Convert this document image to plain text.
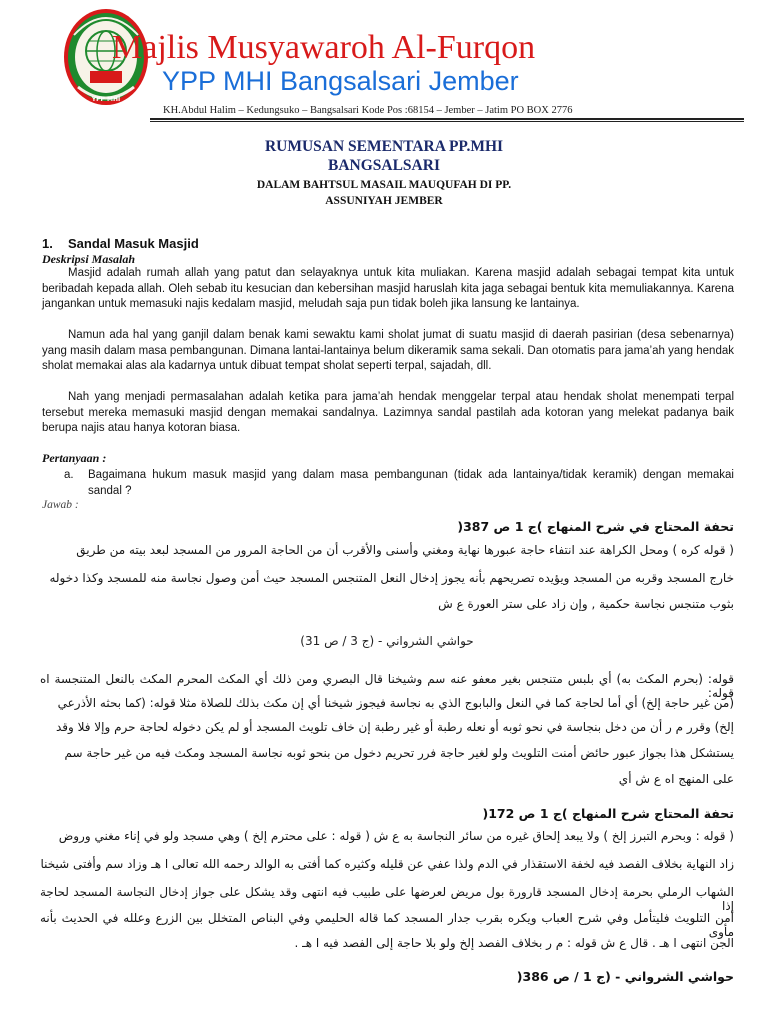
YPP MHI
Majlis Musyawaroh Al-Furqon
YPP MHI Bangsalsari Jember
KH.Abdul Halim – Kedungsuko – Bangsalsari Kode Pos :68154 – Jember – Jatim PO BOX 2776
RUMUSAN SEMENTARA PP.MHI
BANGSALSARI
DALAM BAHTSUL MASAIL MAUQUFAH DI PP.
ASSUNIYAH JEMBER
1. Sandal Masuk Masjid
Deskripsi Masalah

Masjid adalah rumah allah yang patut dan selayaknya untuk kita muliakan. Karena masjid adalah sebagai tempat kita untuk beribadah kepada allah. Oleh sebab itu kesucian dan kebersihan masjid haruslah kita jaga sebagai bentuk kita memuliakannya. Karena jangankan untuk memasuki najis kedalam masjid, meludah saja pun tidak boleh jika lansung ke lantainya.

Namun ada hal yang ganjil dalam benak kami sewaktu kami sholat jumat di suatu masjid di daerah pasirian (desa sebenarnya) yang masih dalam masa pembangunan. Dimana lantai-lantainya belum dikeramik sama sekali. Dan otomatis para jama’ah yang hendak sholat memakai alas ala kadarnya untuk dibuat tempat sholat seperti terpal, sajadah, dll.

Nah yang menjadi permasalahan adalah ketika para jama’ah hendak menggelar terpal atau hendak sholat menempati terpal tersebut mereka memasuki masjid dengan memakai sandalnya. Lazimnya sandal pastilah ada kotoran yang melekat padanya baik berupa najis atau hanya kotoran biasa.

Pertanyaan :
a. Bagaimana hukum masuk masjid yang dalam masa pembangunan (tidak ada lantainya/tidak keramik) dengan memakai sandal ?
Jawab :
تحفة المحتاج في شرح المنهاج )ج 1 ص 387(
( قوله كره ) ومحل الكراهة عند انتفاء حاجة عبورها نهاية ومغني وأسنى والأقرب أن من الحاجة المرور من المسجد لبعد بيته من طريق
خارج المسجد وقربه من المسجد ويؤيده تصريحهم بأنه يجوز إدخال النعل المتنجس المسجد حيث أمن وصول نجاسة منه للمسجد وكذا دخوله
بثوب متنجس نجاسة حكمية , وإن زاد على ستر العورة ع ش
حواشي الشرواني - (ج 3 / ص 31)
قوله: (بحرم المكث به) أي بلبس متنجس بغير معفو عنه سم وشيخنا قال البصري ومن ذلك أي المكث المحرم المكث بالنعل المتنجسة اه قوله:
(من غير حاجة إلخ) أي أما لحاجة كما في النعل والبابوج الذي به نجاسة فيجوز شيخنا أي إن مكث بذلك للصلاة مثلا قوله: (كما بحثه الأذرعي
إلخ) وقرر م ر أن من دخل بنجاسة في نحو ثوبه أو نعله رطبة أو غير رطبة إن خاف تلويث المسجد أو لم يكن دخوله لحاجة حرم وإلا فلا وقد
يستشكل هذا بجواز عبور حائض أمنت التلويث ولو لغير حاجة فرر تحريم دخول من بنحو ثوبه نجاسة المسجد ومكث فيه من غير حاجة سم
على المنهج اه ع ش أي
تحفة المحتاج شرح المنهاج )ج 1 ص 172(
( قوله : وبحرم التبرز إلخ ) ولا يبعد إلحاق غيره من سائر النجاسة به ع ش ( قوله : على محترم إلخ ) وهي مسجد ولو في إناء مغني وروض
زاد النهاية بخلاف الفصد فيه لخفة الاستقذار في الدم ولذا عفي عن قليله وكثيره كما أفتى به الوالد رحمه الله تعالى ا هـ وزاد سم وأفتى شيخنا
الشهاب الرملي بحرمة إدخال المسجد قارورة بول مريض لعرضها على طبيب فيه انتهى وقد يشكل على جواز إدخال النجاسة المسجد لحاجة إذا
أمن التلويث فليتأمل وفي شرح العباب ويكره بقرب جدار المسجد كما قاله الحليمي وفي البناص المتخلل بين الزرع وعلله في الحديث بأنه مأوى
الجن انتهى ا هـ . قال ع ش قوله : م ر بخلاف الفصد إلخ ولو بلا حاجة إلى الفصد فيه ا هـ .
حواشي الشرواني - (ج 1 / ص 386(
